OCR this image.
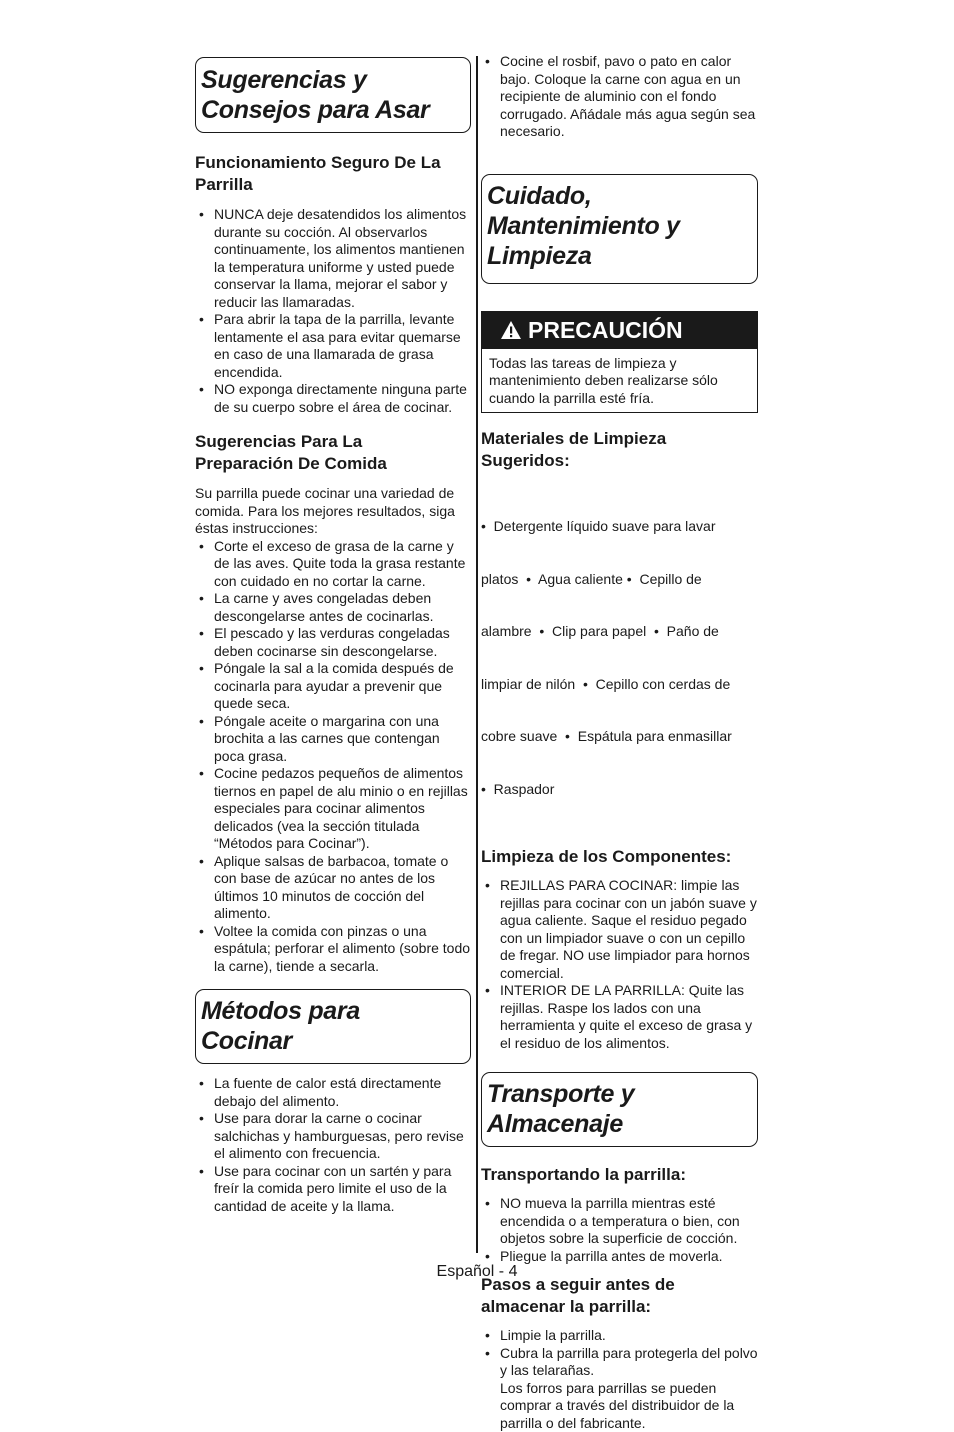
Sugerencias y
Consejos para Asar
Funcionamiento Seguro De La
Parrilla
• NUNCA deje desatendidos los alimentos durante su cocción. Al observarlos continuamente, los alimentos mantienen la temperatura uniforme y usted puede conservar la llama, mejorar el sabor y reducir las llamaradas.
• Para abrir la tapa de la parrilla, levante lentamente el asa para evitar quemarse en caso de una llamarada de grasa encendida.
• NO exponga directamente ninguna parte de su cuerpo sobre el área de cocinar.
Sugerencias Para La
Preparación De Comida

Su parrilla puede cocinar una variedad de comida. Para los mejores resultados, siga éstas instrucciones:

• Corte el exceso de grasa de la carne y de las aves. Quite toda la grasa restante con cuidado en no cortar la carne.
• La carne y aves congeladas deben descongelarse antes de cocinarlas.
• El pescado y las verduras congeladas deben cocinarse sin descongelarse.
• Póngale la sal a la comida después de cocinarla para ayudar a prevenir que quede seca.
• Póngale aceite o margarina con una brochita a las carnes que contengan poca grasa.
• Cocine pedazos pequeños de alimentos tiernos en papel de alu minio o en rejillas especiales para cocinar alimentos delicados (vea la sección titulada “Métodos para Cocinar”).
• Aplique salsas de barbacoa, tomate o con base de azúcar no antes de los últimos 10 minutos de cocción del alimento.
• Voltee la comida con pinzas o una espátula; perforar el alimento (sobre todo la carne), tiende a secarla.
Métodos para
Cocinar
• La fuente de calor está directamente debajo del alimento.
• Use para dorar la carne o cocinar salchichas y hamburguesas, pero revise el alimento con frecuencia.
• Use para cocinar con un sartén y para freír la comida pero limite el uso de la cantidad de aceite y la llama.
• Cocine el rosbif, pavo o pato en calor bajo. Coloque la carne con agua en un recipiente de aluminio con el fondo corrugado. Añádale más agua según sea necesario.
Cuidado,
Mantenimiento y
Limpieza
PRECAUCIÓN
Todas las tareas de limpieza y mantenimiento deben realizarse sólo cuando la parrilla esté fría.
Materiales de Limpieza
Sugeridos:

•  Detergente líquido suave para lavar

platos  •  Agua caliente •  Cepillo de

alambre  •  Clip para papel  •  Paño de

limpiar de nilón  •  Cepillo con cerdas de

cobre suave  •  Espátula para enmasillar

•  Raspador

Limpieza de los Componentes:
• REJILLAS PARA COCINAR: limpie las rejillas para cocinar con un jabón suave y agua caliente. Saque el residuo pegado con un limpiador suave o con un cepillo de fregar. NO use limpiador para hornos comercial.
• INTERIOR DE LA PARRILLA: Quite las rejillas. Raspe los lados con una herramienta y quite el exceso de grasa y el residuo de los alimentos.
Transporte y
Almacenaje
Transportando la parrilla:
• NO mueva la parrilla mientras esté encendida o a temperatura o bien, con objetos sobre la superficie de cocción.
• Pliegue la parrilla antes de moverla.
Pasos a seguir antes de
almacenar la parrilla:
• Limpie la parrilla.
• Cubra la parrilla para protegerla del polvo y las telarañas.
Los forros para parrillas se pueden comprar a través del distribuidor de la parrilla o del fabricante.
Español - 4
